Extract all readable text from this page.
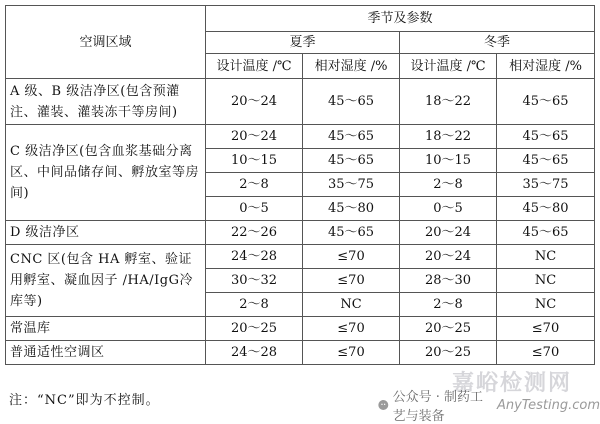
空调区域	季节及参数			
	夏季		冬季	
	设计温度 /℃	相对湿度 /%	设计温度 /℃	相对湿度 /%
A 级、B 级洁净区(包含预灌注、灌装、灌装冻干等房间)	20～24	45～65	18～22	45～65
C 级洁净区(包含血浆基础分离区、中间品储存间、孵放室等房间)	20～24	45～65	18～22	45～65
	10～15	45～65	10～15	45～65
	2～8	35～75	2～8	35～75
	0～5	45～80	0～5	45～80
D 级洁净区	22～26	45～65	20～24	45～65
CNC 区(包含 HA 孵室、验证用孵室、凝血因子 /HA/IgG冷库等)	24～28	≤70	20～24	NC
	30～32	≤70	28～30	NC
	2～8	NC	2～8	NC
常温库	20～25	≤70	20～25	≤70
普通适性空调区	24～28	≤70	20～25	≤70
注：“NC”即为不控制。
嘉峪检测网
公众号 · 制药工艺与装备
AnyTesting.com
